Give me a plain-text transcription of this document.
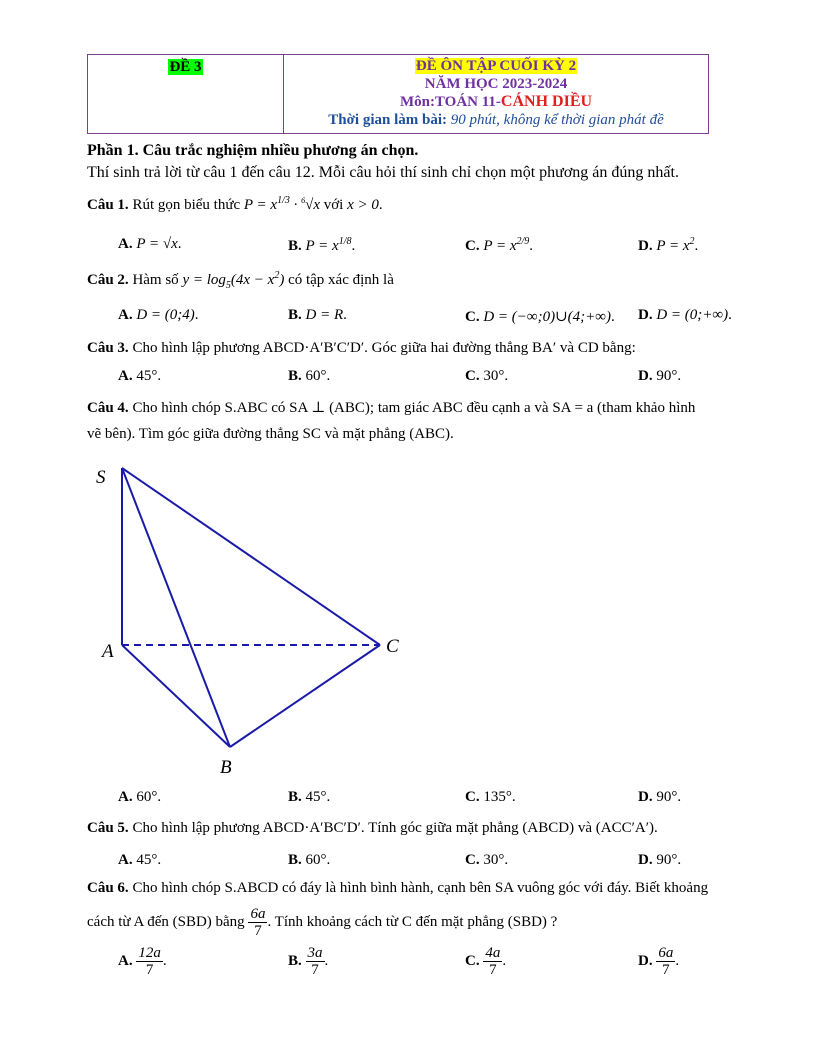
ĐỀ 3	ĐỀ ÔN TẬP CUỐI KỲ 2
NĂM HỌC 2023-2024
Môn:TOÁN 11-CÁNH DIỀU
Thời gian làm bài: 90 phút, không kể thời gian phát đề
Phần 1. Câu trắc nghiệm nhiều phương án chọn.
Thí sinh trả lời từ câu 1 đến câu 12. Mỗi câu hỏi thí sinh chỉ chọn một phương án đúng nhất.
Câu 1. Rút gọn biểu thức $P = x^{1/3} \cdot ^6√x$ với x > 0.
A. P = √x.	B. $P = x^{1/8}$.	C. $P = x^{2/9}$.	D. $P = x^2$.
Câu 2. Hàm số $y = \log_5(4x - x^2)$ có tập xác định là
A. D = (0;4).	B. D = R.	C. D = (−∞;0)∪(4;+∞). D. D = (0;+∞).
Câu 3. Cho hình lập phương ABCD·A′B′C′D′. Góc giữa hai đường thẳng BA′ và CD bằng:
A. 45°.	B. 60°.	C. 30°.	D. 90°.
Câu 4. Cho hình chóp S.ABC có SA ⊥ (ABC); tam giác ABC đều cạnh a và SA = a (tham khảo hình
vẽ bên). Tìm góc giữa đường thẳng SC và mặt phẳng (ABC).
S
A
B
C
A. 60°.	B. 45°.	C. 135°.	D. 90°.
Câu 5. Cho hình lập phương ABCD·A′BC′D′. Tính góc giữa mặt phẳng (ABCD) và (ACC′A′).
A. 45°.	B. 60°.	C. 30°.	D. 90°.
Câu 6. Cho hình chóp S.ABCD có đáy là hình bình hành, cạnh bên SA vuông góc với đáy. Biết khoảng
cách từ A đến (SBD) bằng $\frac{6a}{7}$ . Tính khoảng cách từ C đến mặt phẳng (SBD) ?
A. $\frac{12a}{7}$ .	B. $\frac{3a}{7}$ .	C. $\frac{4a}{7}$ .	D. $\frac{6a}{7}$ .
